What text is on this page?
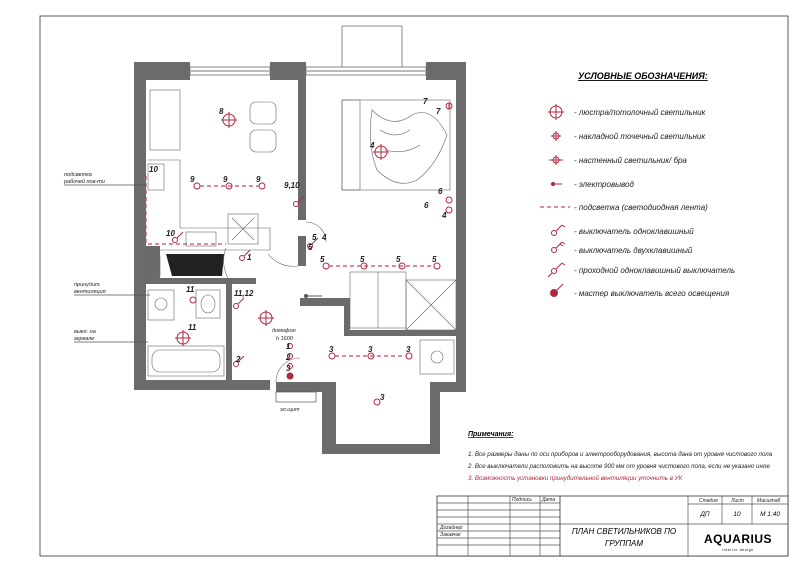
8
9	9	9
9,10
10
10
1
11	11,12
11
2
4
7
7
6
6
4
5 4
5	5	5	5
5
1
2
3
3	3	3
3
подсветка
рабочей пов-ти
принудит.
вентиляция
выкл. на
зеркале
домофон
h 1600
эл.щит
УСЛОВНЫЕ ОБОЗНАЧЕНИЯ:
- люстра/потолочный светильник
- накладной точечный светильник
- настенный светильник/ бра
- электровывод
- подсветка (светодиодная лента)
- выключатель одноклавишный
- выключатель двухклавишный
- проходной одноклавишный выключатель
- мастер выключатель всего освещения
Примечания:
1. Все размеры даны по оси приборов и электрооборудования, высота дана от уровня чистового пола
2. Все выключатели расположить на высоте 900 мм от уровня чистового пола, если не указано иное
3. Возможность установки принудительной вентиляции уточнить в УК
Подпись Дата
Дизайнер
Заказчик	ПЛАН СВЕТИЛЬНИКОВ ПО
ГРУППАМ
Стадия	Лист	Масштаб
ДП	10	М 1:40
AQUARIUS
interior design
